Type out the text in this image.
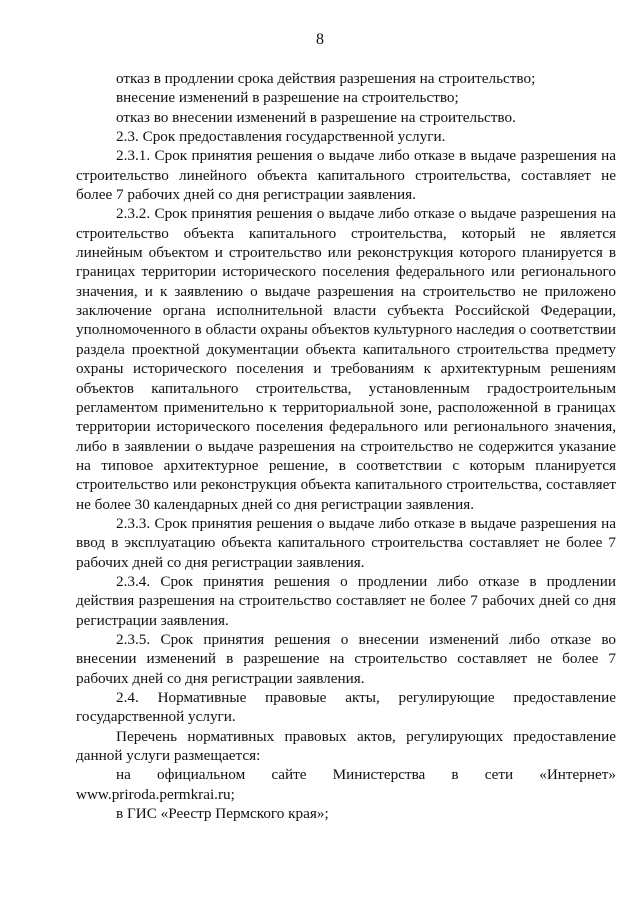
8

отказ в продлении срока действия разрешения на строительство;

внесение изменений в разрешение на строительство;

отказ во внесении изменений в разрешение на строительство.

2.3. Срок предоставления государственной услуги.

2.3.1. Срок принятия решения о выдаче либо отказе в выдаче разрешения на строительство линейного объекта капитального строительства, составляет не более 7 рабочих дней со дня регистрации заявления.

2.3.2. Срок принятия решения о выдаче либо отказе о выдаче разрешения на строительство объекта капитального строительства, который не является линейным объектом и строительство или реконструкция которого планируется в границах территории исторического поселения федерального или регионального значения, и к заявлению о выдаче разрешения на строительство не приложено заключение органа исполнительной власти субъекта Российской Федерации, уполномоченного в области охраны объектов культурного наследия о соответствии раздела проектной документации объекта капитального строительства предмету охраны исторического поселения и требованиям к архитектурным решениям объектов капитального строительства, установленным градостроительным регламентом применительно к территориальной зоне, расположенной в границах территории исторического поселения федерального или регионального значения, либо в заявлении о выдаче разрешения на строительство не содержится указание на типовое архитектурное решение, в соответствии с которым планируется строительство или реконструкция объекта капитального строительства, составляет не более 30 календарных дней со дня регистрации заявления.

2.3.3. Срок принятия решения о выдаче либо отказе в выдаче разрешения на ввод в эксплуатацию объекта капитального строительства составляет не более 7 рабочих дней со дня регистрации заявления.

2.3.4. Срок принятия решения о продлении либо отказе в продлении действия разрешения на строительство составляет не более 7 рабочих дней со дня регистрации заявления.

2.3.5. Срок принятия решения о внесении изменений либо отказе во внесении изменений в разрешение на строительство составляет не более 7 рабочих дней со дня регистрации заявления.

2.4. Нормативные правовые акты, регулирующие предоставление государственной услуги.

Перечень нормативных правовых актов, регулирующих предоставление данной услуги размещается:

на официальном сайте Министерства в сети «Интернет» www.priroda.permkrai.ru;

в ГИС «Реестр Пермского края»;
